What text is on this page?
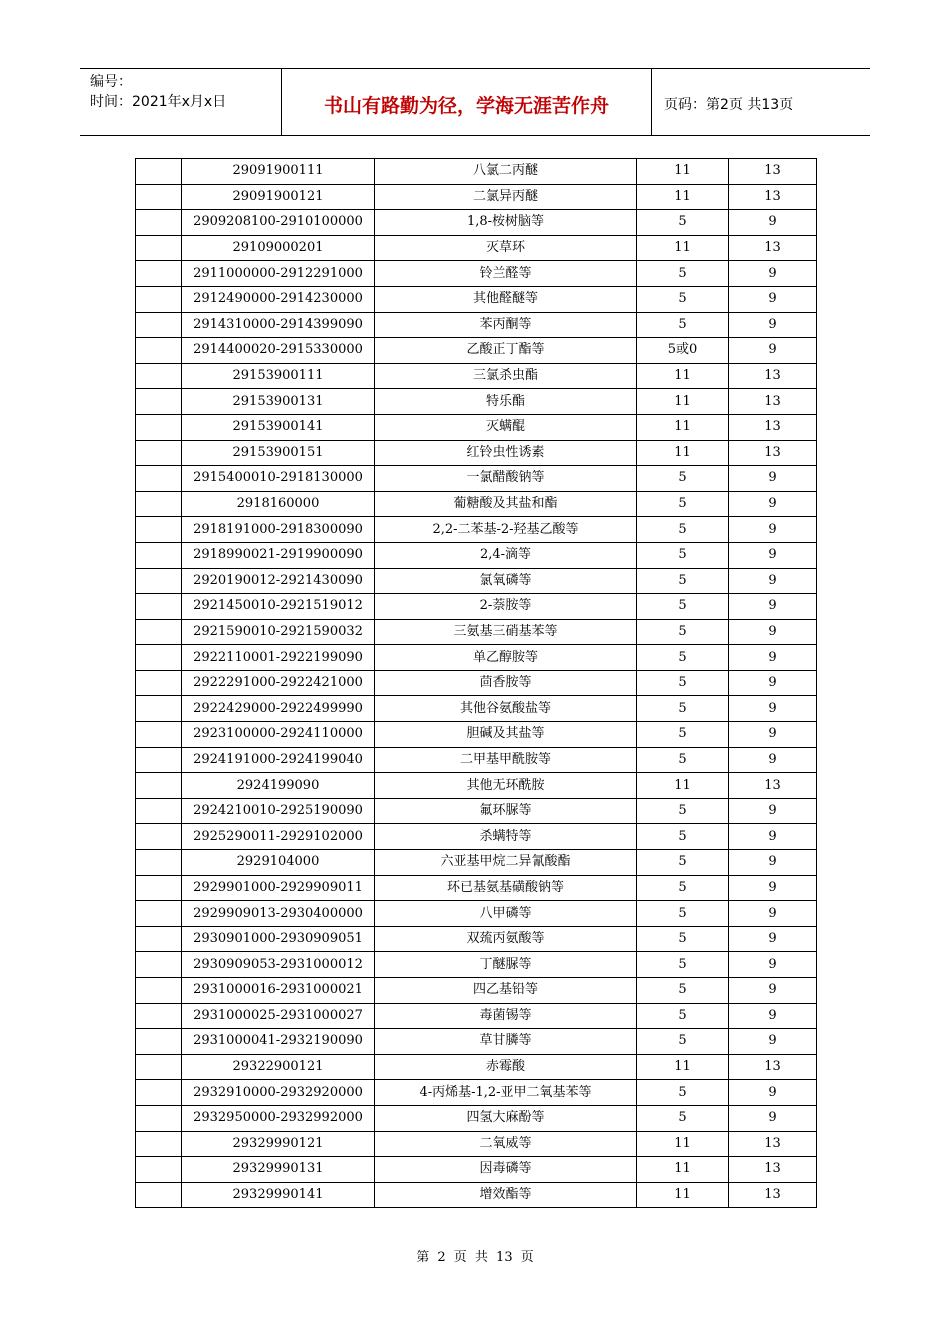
编号：
时间：2021年x月x日	书山有路勤为径，学海无涯苦作舟	页码：第2页 共13页
	29091900111	八氯二丙醚	11	13
	29091900121	二氯异丙醚	11	13
	2909208100-2910100000	1,8-桉树脑等	5	9
	29109000201	灭草环	11	13
	2911000000-2912291000	铃兰醛等	5	9
	2912490000-2914230000	其他醛醚等	5	9
	2914310000-2914399090	苯丙酮等	5	9
	2914400020-2915330000	乙酸正丁酯等	5或0	9
	29153900111	三氯杀虫酯	11	13
	29153900131	特乐酯	11	13
	29153900141	灭螨醌	11	13
	29153900151	红铃虫性诱素	11	13
	2915400010-2918130000	一氯醋酸钠等	5	9
	2918160000	葡糖酸及其盐和酯	5	9
	2918191000-2918300090	2,2-二苯基-2-羟基乙酸等	5	9
	2918990021-2919900090	2,4-滴等	5	9
	2920190012-2921430090	氯氧磷等	5	9
	2921450010-2921519012	2-萘胺等	5	9
	2921590010-2921590032	三氨基三硝基苯等	5	9
	2922110001-2922199090	单乙醇胺等	5	9
	2922291000-2922421000	茴香胺等	5	9
	2922429000-2922499990	其他谷氨酸盐等	5	9
	2923100000-2924110000	胆碱及其盐等	5	9
	2924191000-2924199040	二甲基甲酰胺等	5	9
	2924199090	其他无环酰胺	11	13
	2924210010-2925190090	氟环脲等	5	9
	2925290011-2929102000	杀螨特等	5	9
	2929104000	六亚基甲烷二异氰酸酯	5	9
	2929901000-2929909011	环已基氨基磺酸钠等	5	9
	2929909013-2930400000	八甲磷等	5	9
	2930901000-2930909051	双巯丙氨酸等	5	9
	2930909053-2931000012	丁醚脲等	5	9
	2931000016-2931000021	四乙基铅等	5	9
	2931000025-2931000027	毒菌锡等	5	9
	2931000041-2932190090	草甘膦等	5	9
	29322900121	赤霉酸	11	13
	2932910000-2932920000	4-丙烯基-1,2-亚甲二氧基苯等	5	9
	2932950000-2932992000	四氢大麻酚等	5	9
	29329990121	二氧威等	11	13
	29329990131	因毒磷等	11	13
	29329990141	增效酯等	11	13
第 2 页 共 13 页
